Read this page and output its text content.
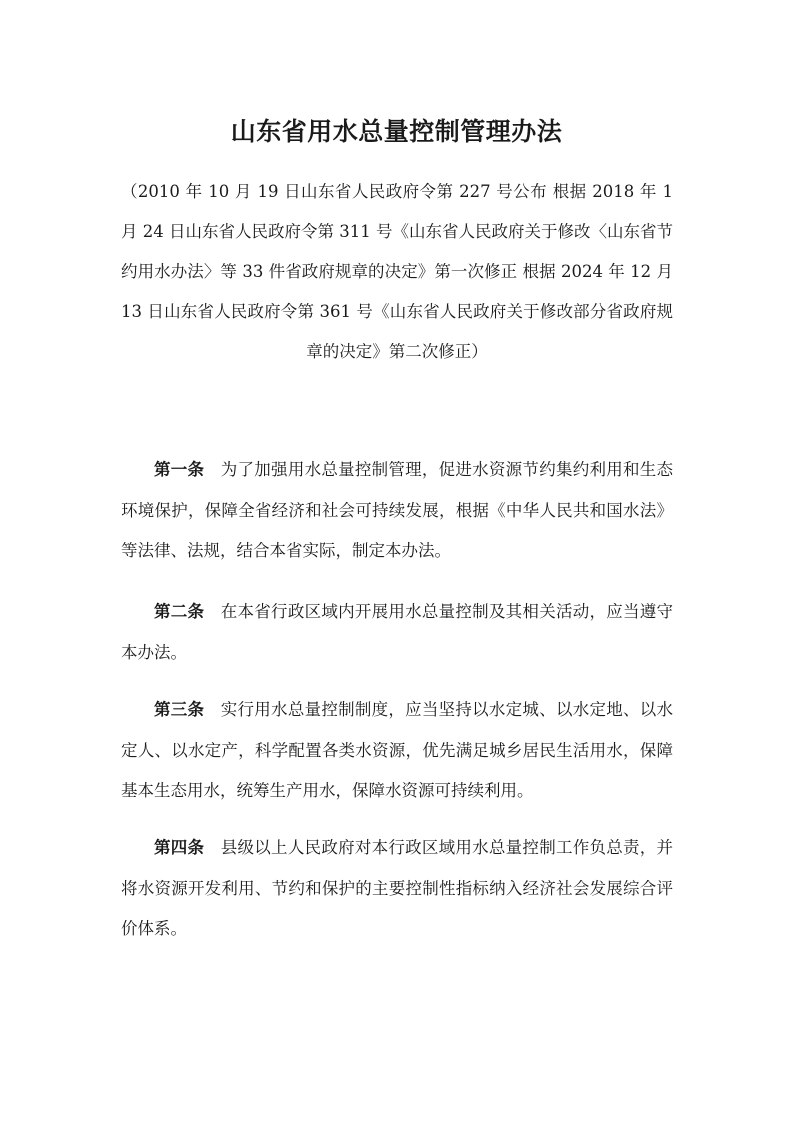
山东省用水总量控制管理办法

（2010 年 10 月 19 日山东省人民政府令第 227 号公布 根据 2018 年 1 月 24 日山东省人民政府令第 311 号《山东省人民政府关于修改〈山东省节约用水办法〉等 33 件省政府规章的决定》第一次修正 根据 2024 年 12 月 13 日山东省人民政府令第 361 号《山东省人民政府关于修改部分省政府规章的决定》第二次修正）

第一条 为了加强用水总量控制管理，促进水资源节约集约利用和生态环境保护，保障全省经济和社会可持续发展，根据《中华人民共和国水法》等法律、法规，结合本省实际，制定本办法。

第二条 在本省行政区域内开展用水总量控制及其相关活动，应当遵守本办法。

第三条 实行用水总量控制制度，应当坚持以水定城、以水定地、以水定人、以水定产，科学配置各类水资源，优先满足城乡居民生活用水，保障基本生态用水，统筹生产用水，保障水资源可持续利用。

第四条 县级以上人民政府对本行政区域用水总量控制工作负总责，并将水资源开发利用、节约和保护的主要控制性指标纳入经济社会发展综合评价体系。
